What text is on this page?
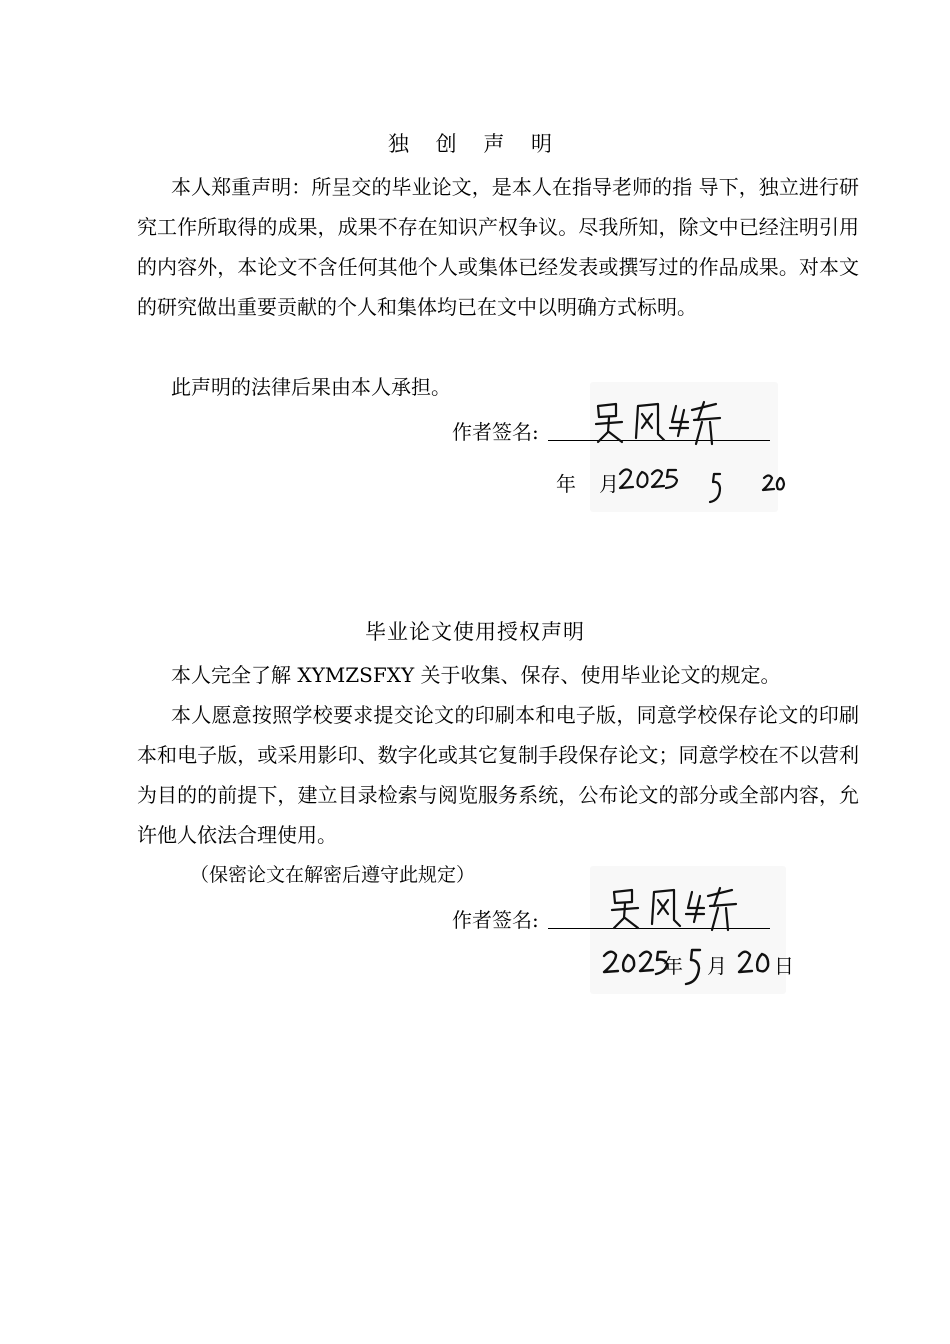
独 创 声 明

本人郑重声明：所呈交的毕业论文，是本人在指导老师的指 导下，独立进行研究工作所取得的成果，成果不存在知识产权争议。尽我所知，除文中已经注明引用的内容外，本论文不含任何其他个人或集体已经发表或撰写过的作品成果。对本文的研究做出重要贡献的个人和集体均已在文中以明确方式标明。

此声明的法律后果由本人承担。

作者签名:
年 月
毕业论文使用授权声明

本人完全了解 XYMZSFXY 关于收集、保存、使用毕业论文的规定。

本人愿意按照学校要求提交论文的印刷本和电子版，同意学校保存论文的印刷本和电子版，或采用影印、数字化或其它复制手段保存论文；同意学校在不以营利为目的的前提下，建立目录检索与阅览服务系统，公布论文的部分或全部内容，允许他人依法合理使用。

（保密论文在解密后遵守此规定）

作者签名:
年 月 日
